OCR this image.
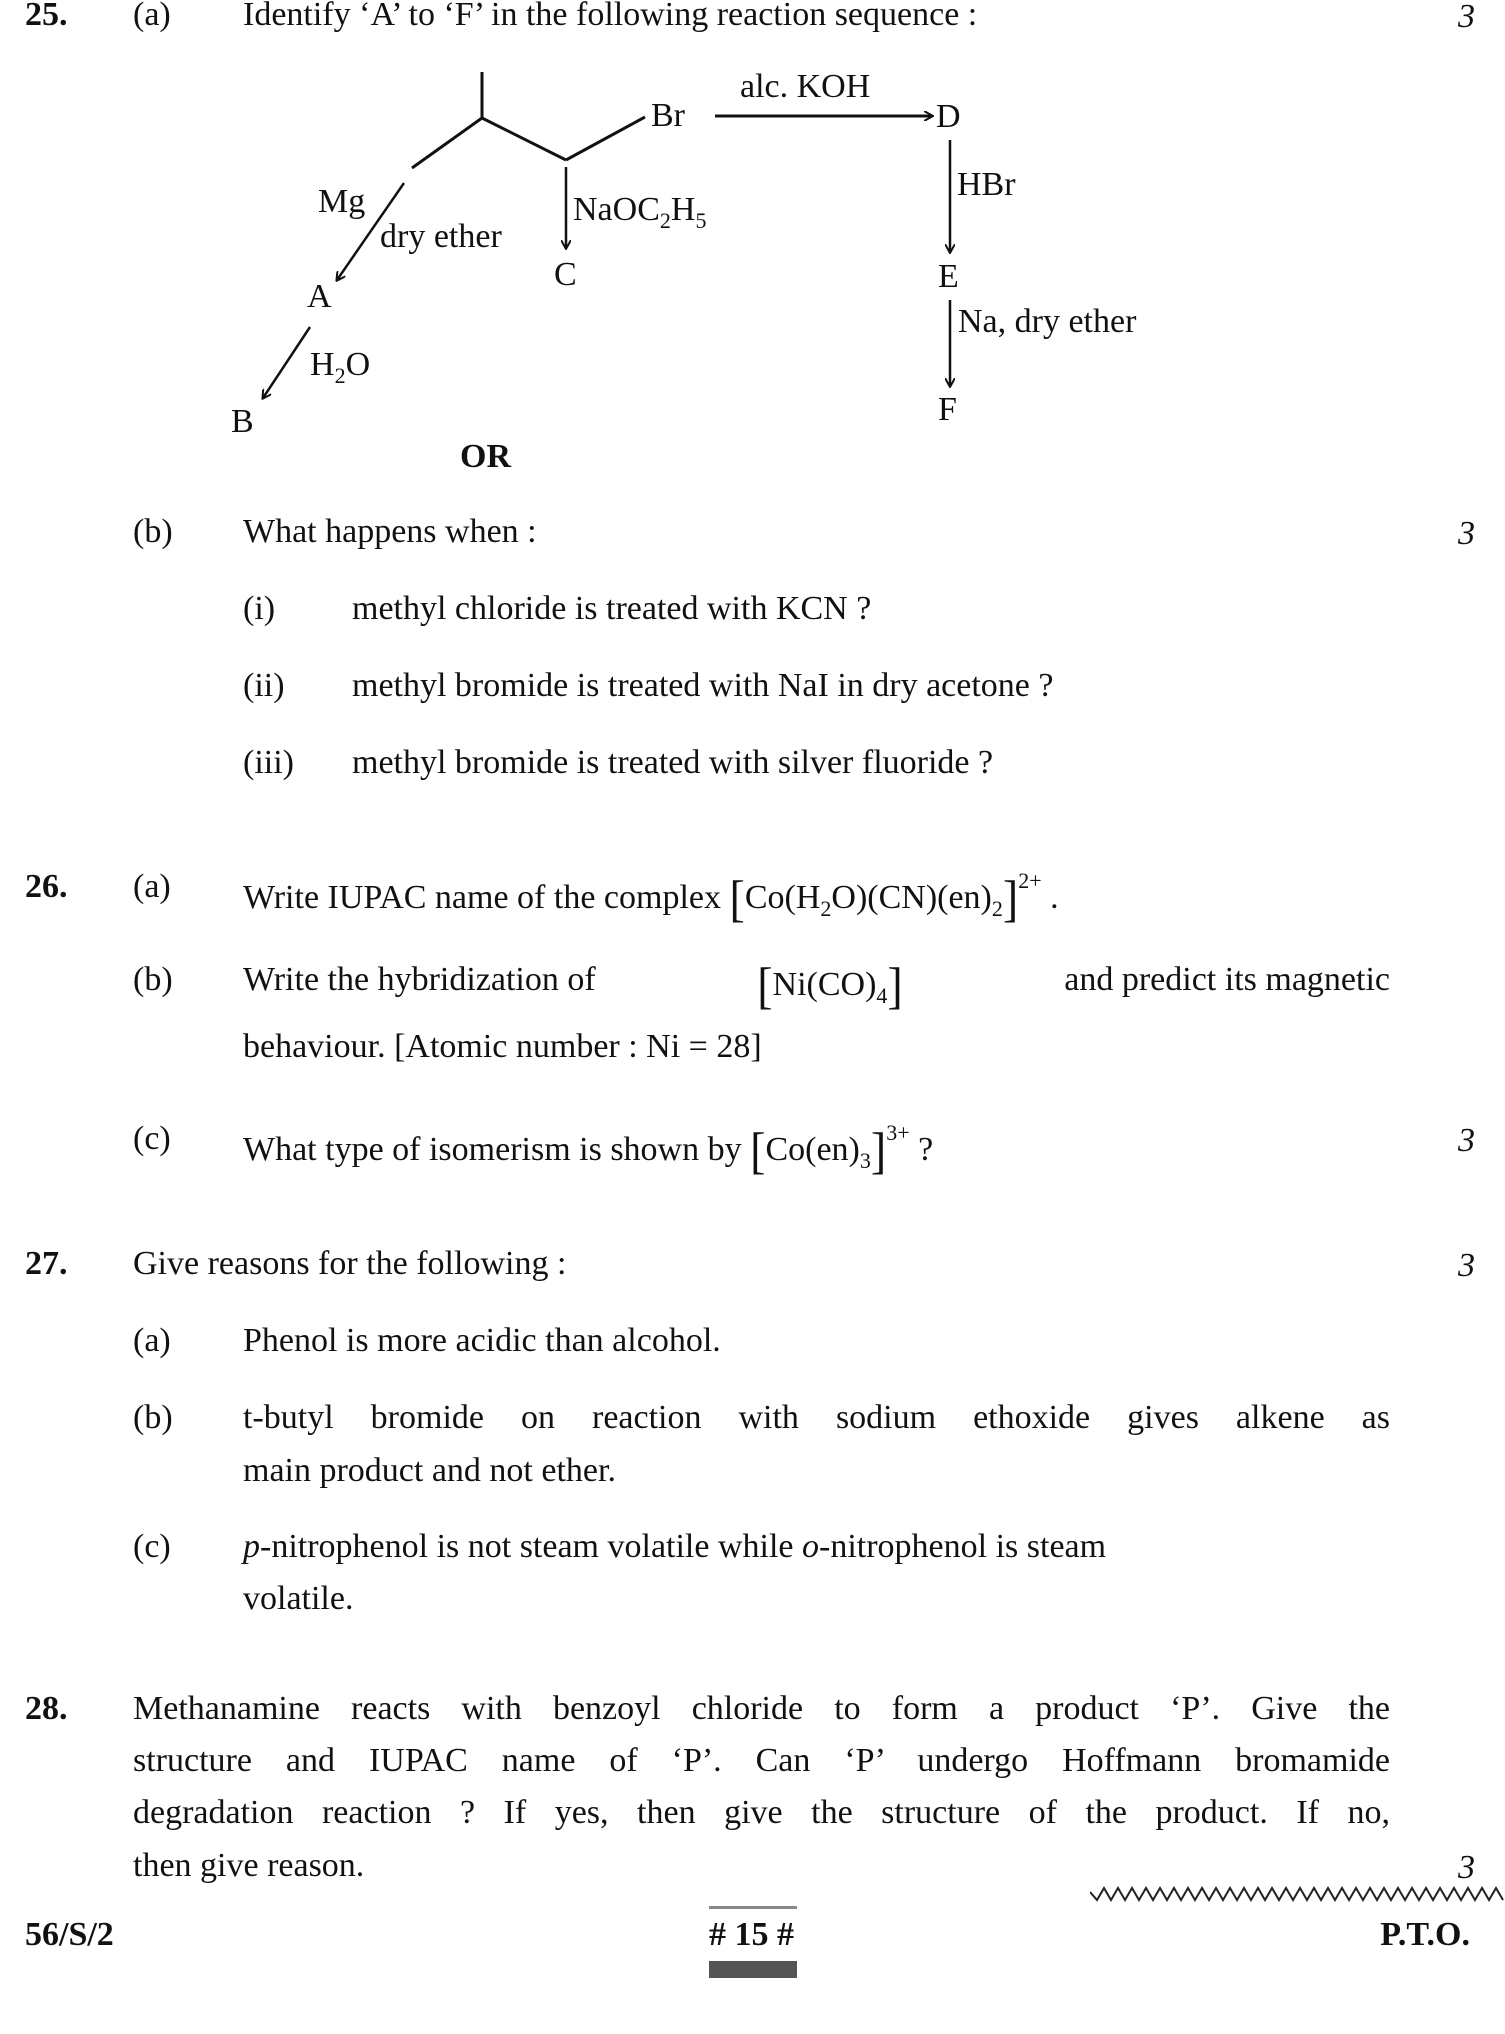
25. (a) Identify ‘A’ to ‘F’ in the following reaction sequence :	3
Br
alc. KOH
D
Mg
dry ether
$NaOC_2H_5$
C
A
$H_2O$
B
HBr
E
Na, dry ether
F
OR
(b) What happens when :	3
(i) methyl chloride is treated with KCN ?
(ii) methyl bromide is treated with NaI in dry acetone ?
(iii) methyl bromide is treated with silver fluoride ?
26. (a) Write IUPAC name of the complex $[Co(H_2O)(CN)(en)_2]^{2+}$ .
(b) Write the hybridization of	$[Ni(CO)_4]$	and predict its magnetic
behaviour. [Atomic number : Ni = 28]
(c) What type of isomerism is shown by $[Co(en)_3]^{3+}$ ?	3
27. Give reasons for the following :	3
(a) Phenol is more acidic than alcohol.
(b) t-butyl bromide on reaction with sodium ethoxide gives alkene as
main product and not ether.
(c) p-nitrophenol is not steam volatile while o-nitrophenol is steam
volatile.
28. Methanamine reacts with benzoyl chloride to form a product ‘P’. Give the
structure and IUPAC name of ‘P’. Can ‘P’ undergo Hoffmann bromamide
degradation reaction ? If yes, then give the structure of the product. If no,
then give reason.	3
56/S/2	# 15 #	P.T.O.
